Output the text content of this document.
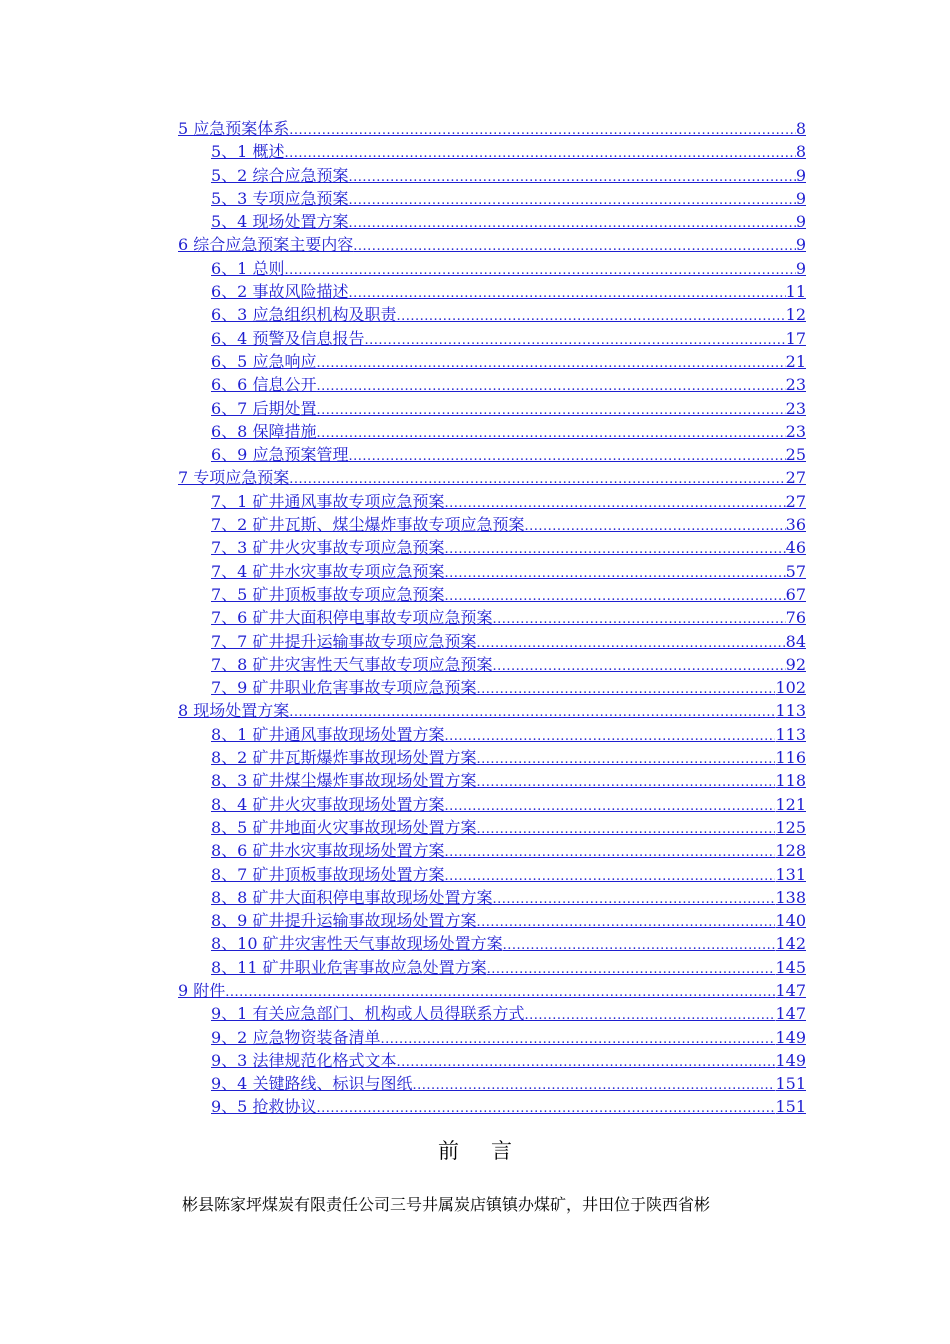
5 应急预案体系 .....	8
5、1 概述 .....	8
5、2 综合应急预案 .....	9
5、3 专项应急预案 .....	9
5、4 现场处置方案 .....	9
6 综合应急预案主要内容 .....	9
6、1 总则 .....	9
6、2 事故风险描述 .....	11
6、3 应急组织机构及职责 .....	12
6、4 预警及信息报告 .....	17
6、5 应急响应 .....	21
6、6 信息公开 .....	23
6、7 后期处置 .....	23
6、8 保障措施 .....	23
6、9 应急预案管理 .....	25
7 专项应急预案 .....	27
7、1 矿井通风事故专项应急预案 .....	27
7、2 矿井瓦斯、煤尘爆炸事故专项应急预案 .....	36
7、3 矿井火灾事故专项应急预案 .....	46
7、4 矿井水灾事故专项应急预案 .....	57
7、5 矿井顶板事故专项应急预案 .....	67
7、6 矿井大面积停电事故专项应急预案 .....	76
7、7 矿井提升运输事故专项应急预案 .....	84
7、8 矿井灾害性天气事故专项应急预案 .....	92
7、9 矿井职业危害事故专项应急预案 .....	102
8 现场处置方案 .....	113
8、1 矿井通风事故现场处置方案 .....	113
8、2 矿井瓦斯爆炸事故现场处置方案 .....	116
8、3 矿井煤尘爆炸事故现场处置方案 .....	118
8、4 矿井火灾事故现场处置方案 .....	121
8、5 矿井地面火灾事故现场处置方案 .....	125
8、6 矿井水灾事故现场处置方案 .....	128
8、7 矿井顶板事故现场处置方案 .....	131
8、8 矿井大面积停电事故现场处置方案 .....	138
8、9 矿井提升运输事故现场处置方案 .....	140
8、10 矿井灾害性天气事故现场处置方案 .....	142
8、11 矿井职业危害事故应急处置方案 .....	145
9 附件 .....	147
9、1 有关应急部门、机构或人员得联系方式 .....	147
9、2 应急物资装备清单 .....	149
9、3 法律规范化格式文本 .....	149
9、4 关键路线、标识与图纸 .....	151
9、5 抢救协议 .....	151
前言

彬县陈家坪煤炭有限责任公司三号井属炭店镇镇办煤矿，井田位于陕西省彬
